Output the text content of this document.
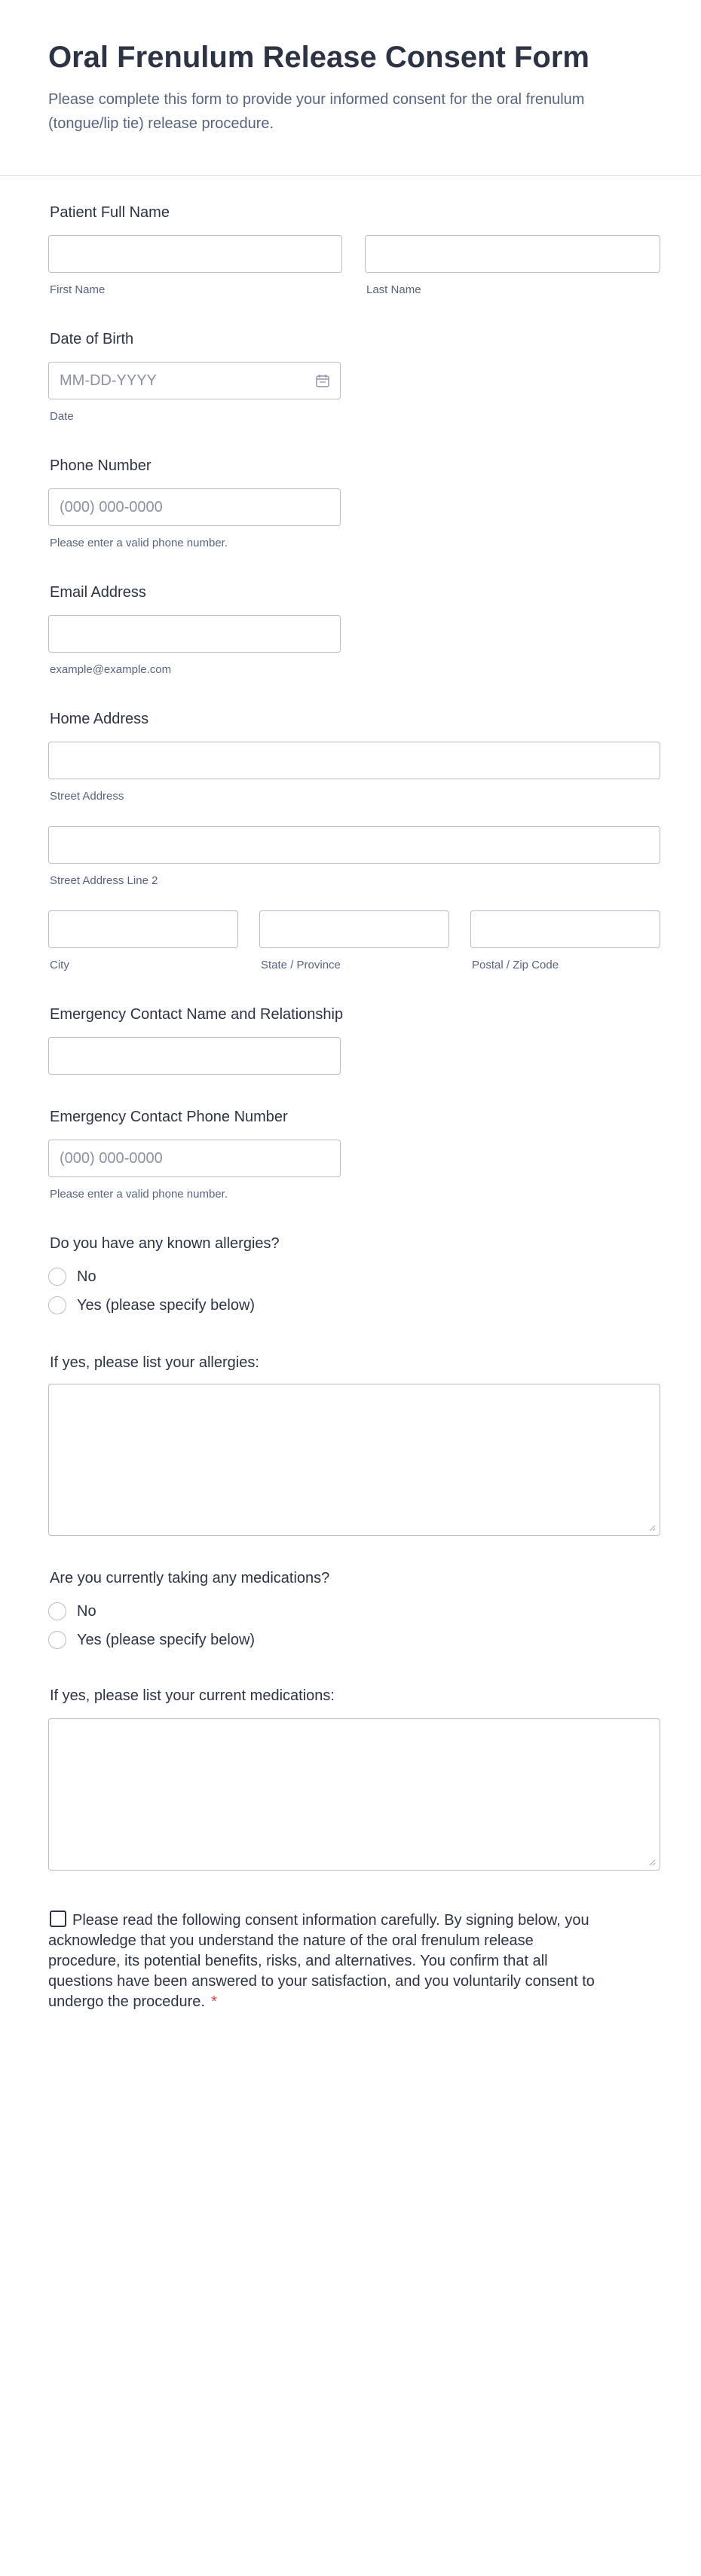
Oral Frenulum Release Consent Form

Please complete this form to provide your informed consent for the oral frenulum (tongue/lip tie) release procedure.

Patient Full Name
First Name	Last Name
Date of Birth
MM-DD-YYYY
Date
Phone Number
(000) 000-0000
Please enter a valid phone number.
Email Address
example@example.com
Home Address
Street Address
Street Address Line 2
City	State / Province	Postal / Zip Code
Emergency Contact Name and Relationship
Emergency Contact Phone Number
(000) 000-0000
Please enter a valid phone number.
Do you have any known allergies?
No
Yes (please specify below)
If yes, please list your allergies:
Are you currently taking any medications?
No
Yes (please specify below)
If yes, please list your current medications:
Please read the following consent information carefully. By signing below, you acknowledge that you understand the nature of the oral frenulum release procedure, its potential benefits, risks, and alternatives. You confirm that all questions have been answered to your satisfaction, and you voluntarily consent to undergo the procedure. *
